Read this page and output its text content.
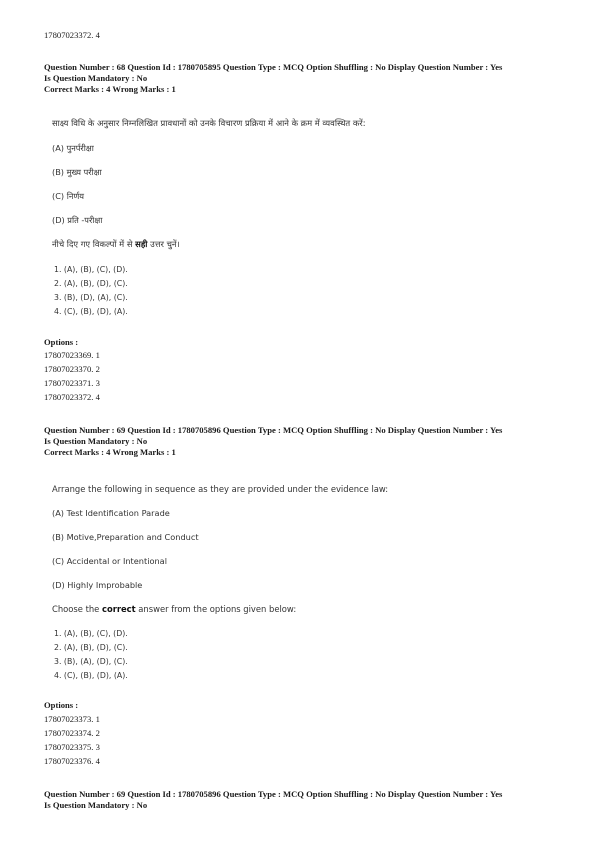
17807023372. 4
Question Number : 68 Question Id : 1780705895 Question Type : MCQ Option Shuffling : No Display Question Number : Yes
Is Question Mandatory : No
Correct Marks : 4 Wrong Marks : 1
साक्ष्य विधि के अनुसार निम्नलिखित प्रावधानों को उनके विचारण प्रक्रिया में आने के क्रम में व्यवस्थित करें:
(A) पुनर्परीक्षा
(B) मुख्य परीक्षा
(C) निर्णय
(D) प्रति -परीक्षा
नीचे दिए गए विकल्पों में से सही उत्तर चुनें।
1. (A), (B), (C), (D).
2. (A), (B), (D), (C).
3. (B), (D), (A), (C).
4. (C), (B), (D), (A).
Options :
17807023369. 1
17807023370. 2
17807023371. 3
17807023372. 4
Question Number : 69 Question Id : 1780705896 Question Type : MCQ Option Shuffling : No Display Question Number : Yes
Is Question Mandatory : No
Correct Marks : 4 Wrong Marks : 1
Arrange the following in sequence as they are provided under the evidence law:
(A) Test Identification Parade
(B) Motive,Preparation and Conduct
(C) Accidental or Intentional
(D) Highly Improbable
Choose the correct answer from the options given below:
1. (A), (B), (C), (D).
2. (A), (B), (D), (C).
3. (B), (A), (D), (C).
4. (C), (B), (D), (A).
Options :
17807023373. 1
17807023374. 2
17807023375. 3
17807023376. 4
Question Number : 69 Question Id : 1780705896 Question Type : MCQ Option Shuffling : No Display Question Number : Yes
Is Question Mandatory : No
